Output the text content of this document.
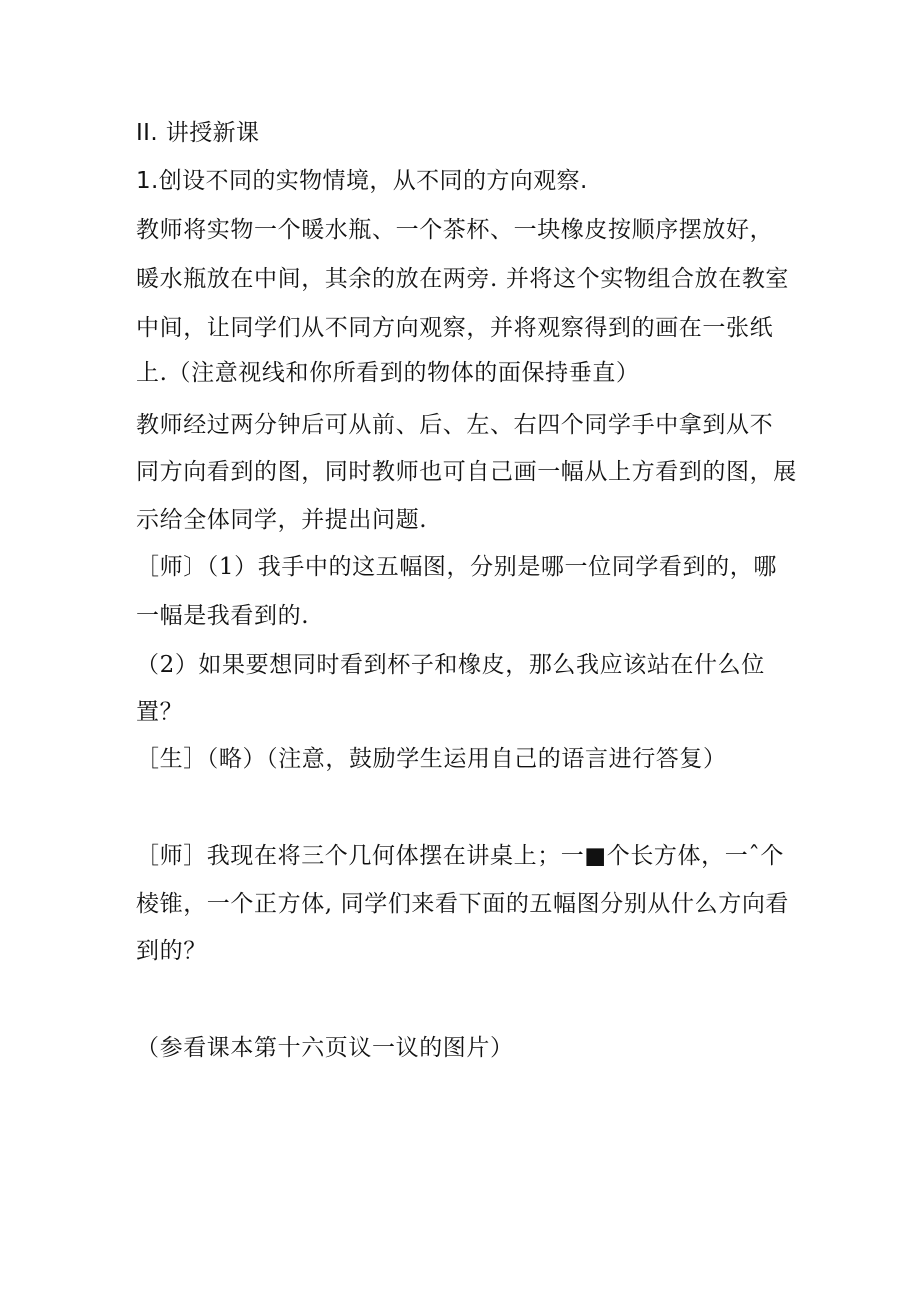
II. 讲授新课
1.创设不同的实物情境，从不同的方向观察.
教师将实物一个暖水瓶、一个茶杯、一块橡皮按顺序摆放好，
暖水瓶放在中间，其余的放在两旁. 并将这个实物组合放在教室
中间，让同学们从不同方向观察，并将观察得到的画在一张纸
上.（注意视线和你所看到的物体的面保持垂直）
教师经过两分钟后可从前、后、左、右四个同学手中拿到从不
同方向看到的图，同时教师也可自己画一幅从上方看到的图，展
示给全体同学，并提出问题.
［师〕（1）我手中的这五幅图，分别是哪一位同学看到的，哪
一幅是我看到的.
（2）如果要想同时看到杯子和橡皮，那么我应该站在什么位
置？
［生］（略）（注意，鼓励学生运用自己的语言进行答复）
［师］我现在将三个几何体摆在讲桌上；一■个长方体，一ˆ个
棱锥，一个正方体, 同学们来看下面的五幅图分别从什么方向看
到的？
（参看课本第十六页议一议的图片）
